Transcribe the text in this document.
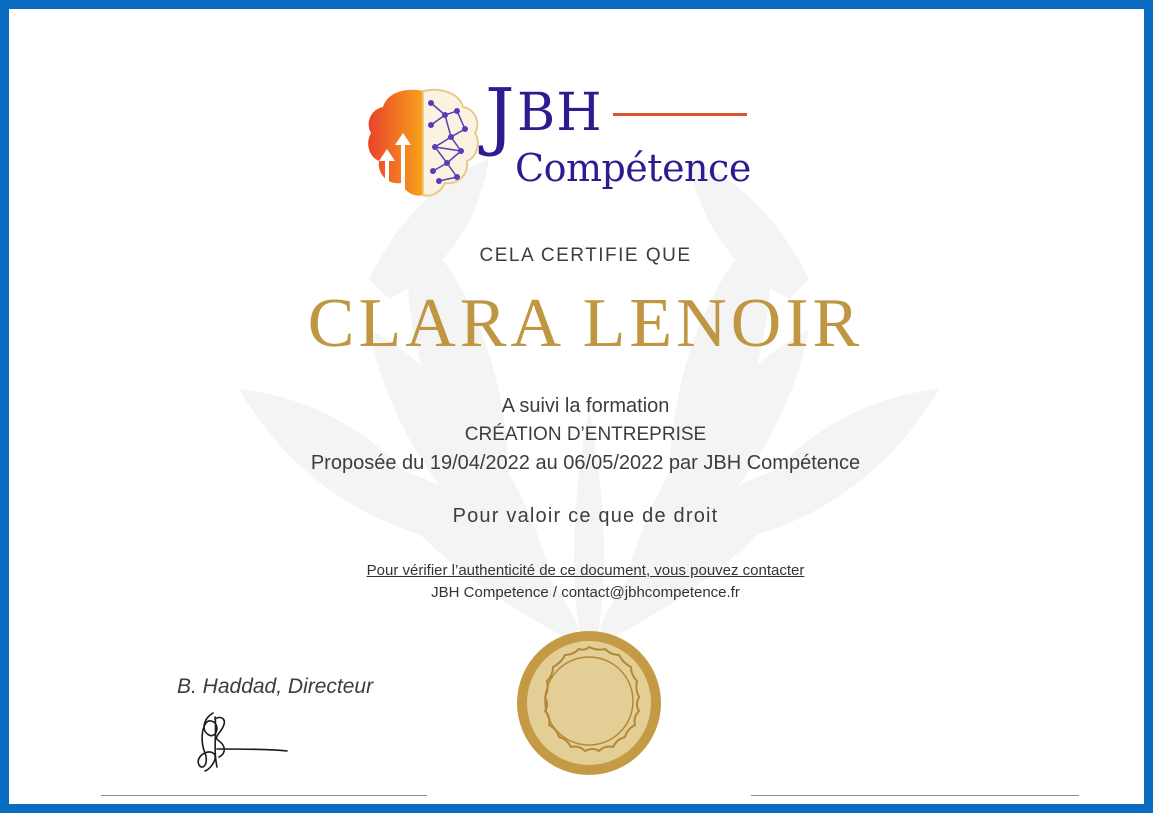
J BH
Compétence

CELA CERTIFIE QUE

CLARA LENOIR

A suivi la formation

CRÉATION D’ENTREPRISE

Proposée du 19/04/2022 au 06/05/2022 par JBH Compétence

Pour valoir ce que de droit

Pour vérifier l’authenticité de ce document, vous pouvez contacter

JBH Competence / contact@jbhcompetence.fr

B. Haddad, Directeur
